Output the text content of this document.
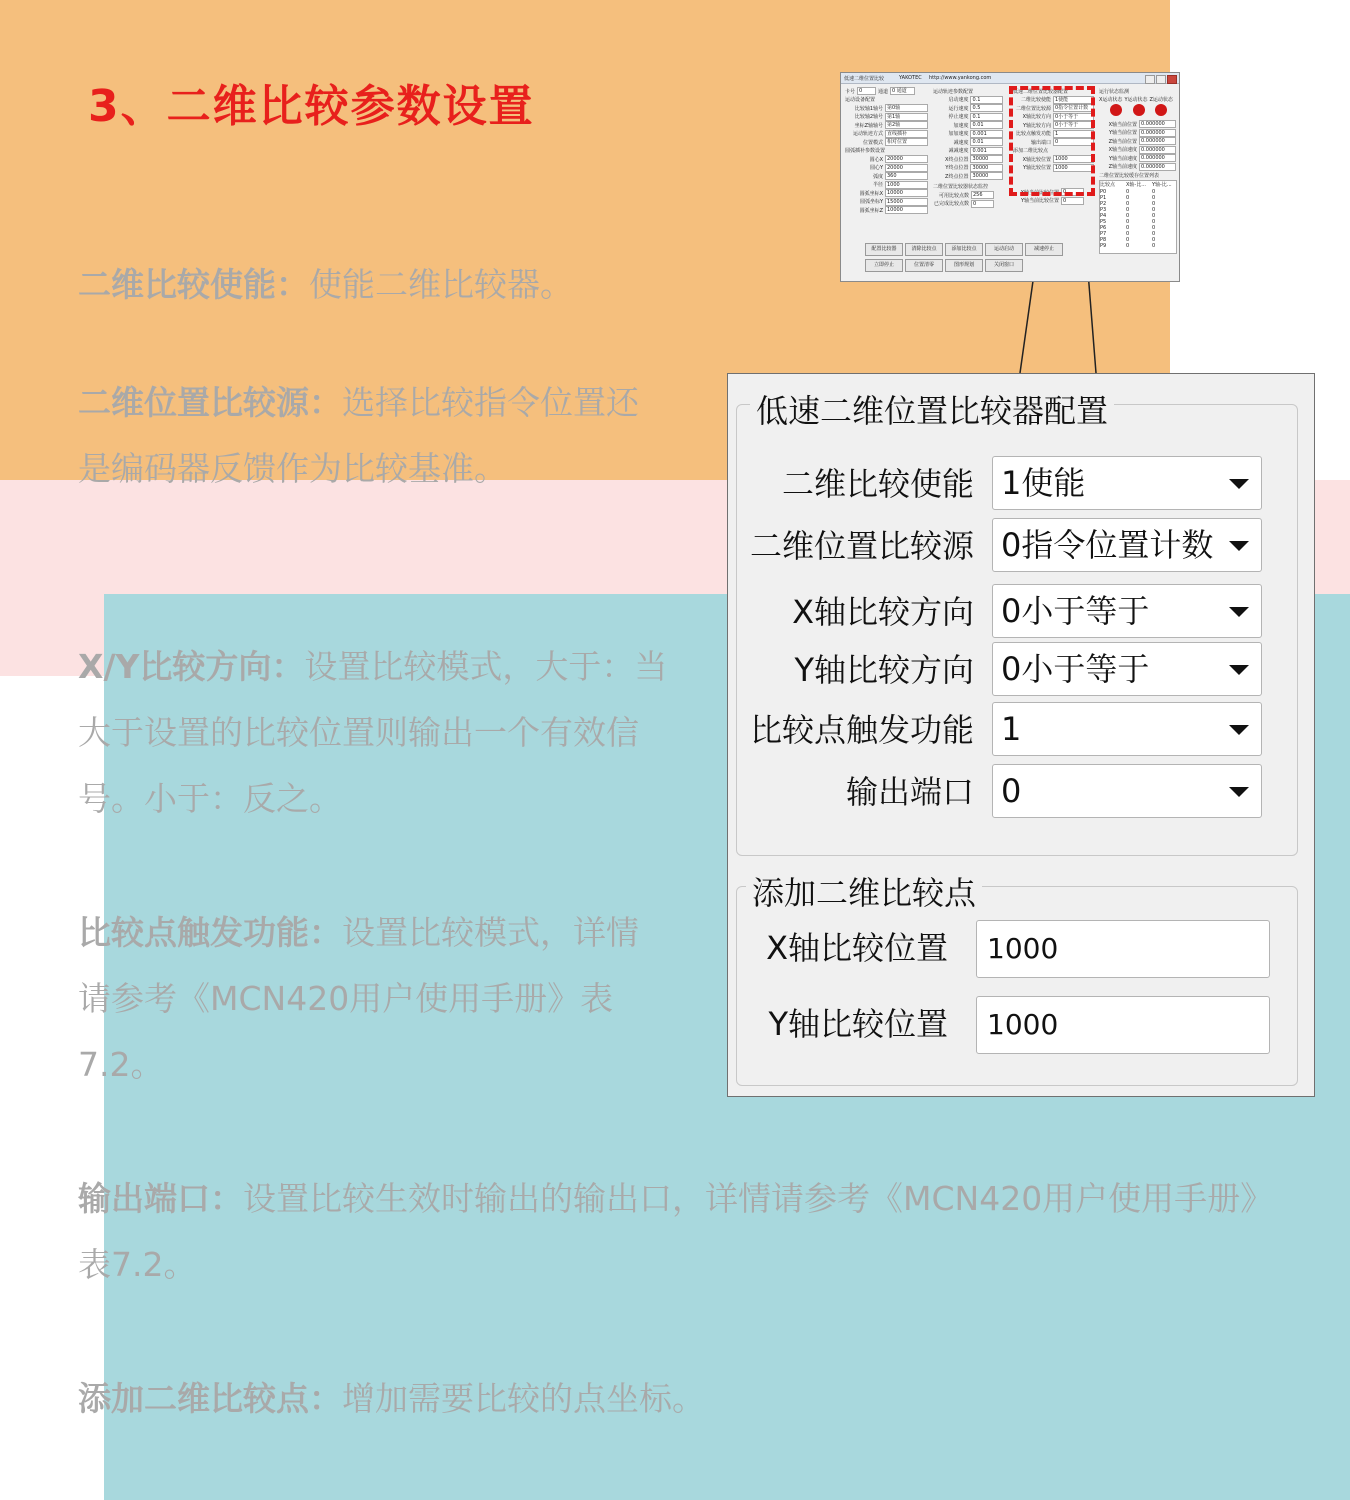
3、二维比较参数设置
二维比较使能：使能二维比较器。
二维位置比较源：选择比较指令位置还是编码器反馈作为比较基准。
X/Y比较方向：设置比较模式，大于：当大于设置的比较位置则输出一个有效信号。小于：反之。
比较点触发功能：设置比较模式，详情请参考《MCN420用户使用手册》表7.2。
输出端口：设置比较生效时输出的输出口，详情请参考《MCN420用户使用手册》表7.2。
添加二维比较点：增加需要比较的点坐标。
低速二维位置比较	YAKOTEC http://www.yankong.com
卡号 0	通道 0 通道
运动设备配置
比较轴1轴号 第0轴
比较轴2轴号 第1轴
坐标Z轴轴号 第2轴
运动轨迹方式 直线插补
位置模式 相对位置
圆弧插补参数设置
圆心X 20000
圆心Y 20000
弧度 360
半径 1000
圆弧坐标X 10000
圆弧坐标Y 15000
圆弧坐标Z 10000
运动轨迹参数配置
启动速度 0.1
运行速度 0.5
停止速度 0.1
加速度 0.01
加加速度 0.001
减速度 0.01
减减速度 0.001
X终点位置 30000
Y终点位置 30000
Z终点位置 30000
二维位置比较器状态监控
可用比较点数 256
已完成比较点数 0
低速二维位置比较器配置
二维比较使能 1使能
二维位置比较源 0指令位置计数
X轴比较方向 0小于等于
Y轴比较方向 0小于等于
比较点触发功能 1
输出端口 0
添加二维比较点
X轴比较位置 1000
Y轴比较位置 1000
X轴当前比较位置 0
Y轴当前比较位置 0
运行状态监测
X运动状态 Y运动状态 Z运动状态
X轴当前位置 0.000000
Y轴当前位置 0.000000
Z轴当前位置 0.000000
X轴当前速度 0.000000
Y轴当前速度 0.000000
Z轴当前速度 0.000000
二维位置比较缓存位置列表
比较点	X轴-比...	Y轴-比...
P0	0	0
P1	0	0
P2	0	0
P3	0	0
P4	0	0
P5	0	0
P6	0	0
P7	0	0
P8	0	0
P9	0	0
配置比较器	清除比较点	添加比较点	运动启动	减速停止
立即停止	位置清零	图形规划	关闭窗口
低速二维位置比较器配置
二维比较使能 1使能
二维位置比较源 0指令位置计数
X轴比较方向 0小于等于
Y轴比较方向 0小于等于
比较点触发功能 1
输出端口 0
添加二维比较点
X轴比较位置	1000
Y轴比较位置	1000
